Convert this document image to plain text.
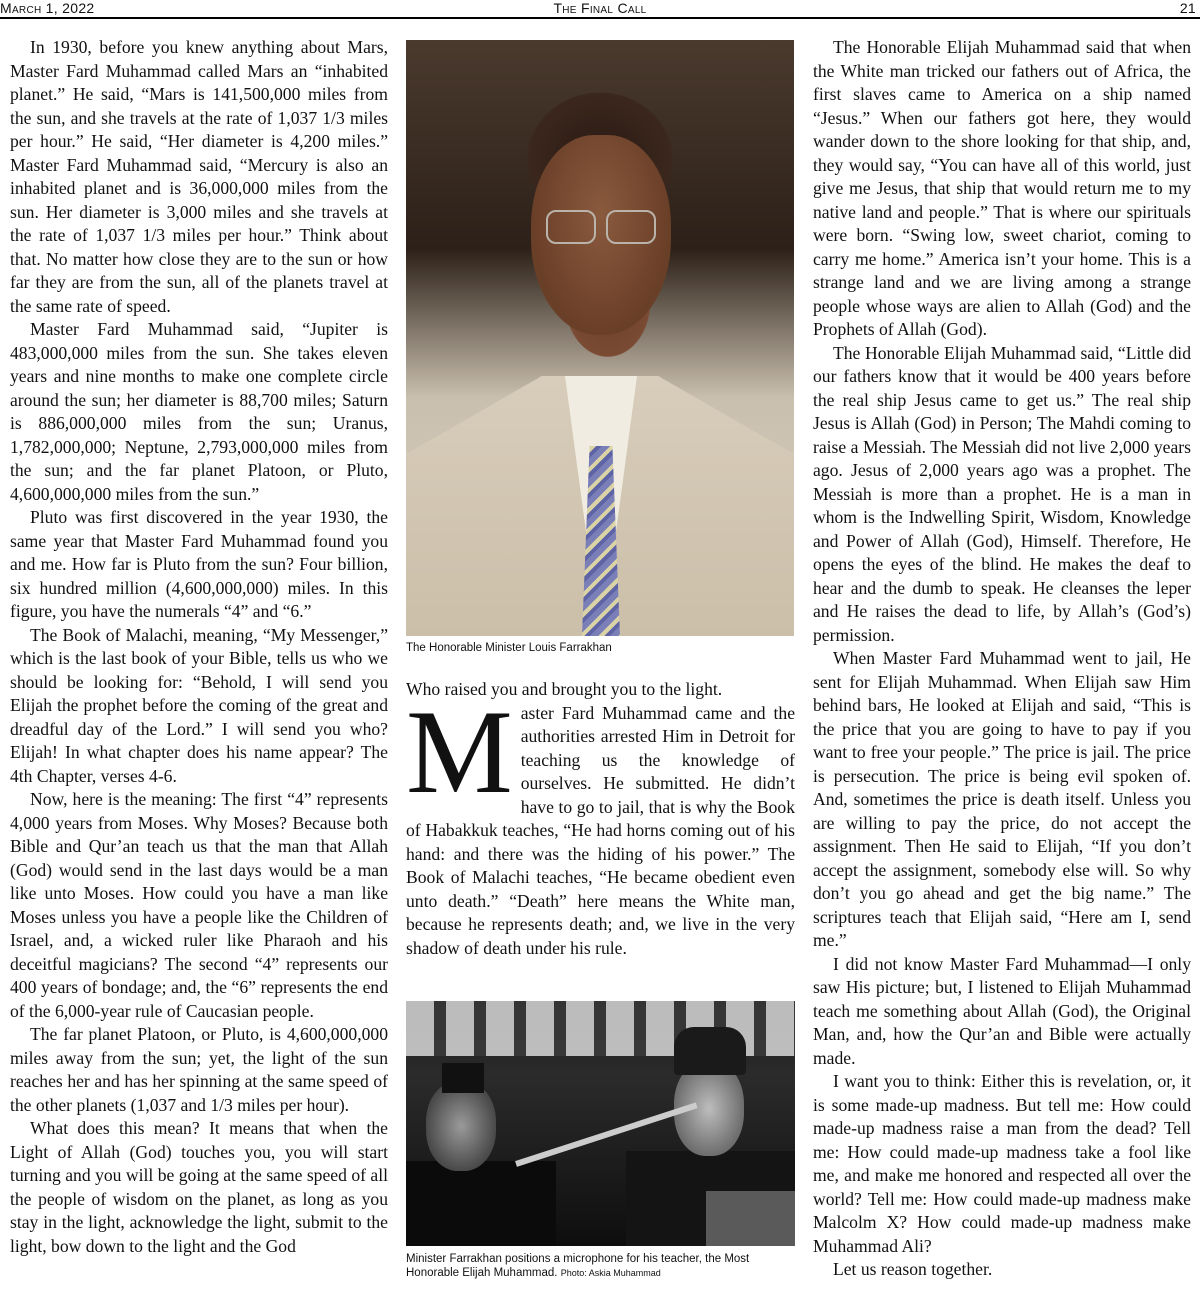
March 1, 2022	The Final Call	21

In 1930, before you knew anything about Mars, Master Fard Muhammad called Mars an “inhabited planet.” He said, “Mars is 141,500,000 miles from the sun, and she travels at the rate of 1,037 1/3 miles per hour.” He said, “Her diameter is 4,200 miles.” Master Fard Muhammad said, “Mercury is also an inhabited planet and is 36,000,000 miles from the sun. Her diameter is 3,000 miles and she travels at the rate of 1,037 1/3 miles per hour.” Think about that. No matter how close they are to the sun or how far they are from the sun, all of the planets travel at the same rate of speed.

Master Fard Muhammad said, “Jupiter is 483,000,000 miles from the sun. She takes eleven years and nine months to make one complete circle around the sun; her diameter is 88,700 miles; Saturn is 886,000,000 miles from the sun; Uranus, 1,782,000,000; Neptune, 2,793,000,000 miles from the sun; and the far planet Platoon, or Pluto, 4,600,000,000 miles from the sun.”

Pluto was first discovered in the year 1930, the same year that Master Fard Muhammad found you and me. How far is Pluto from the sun? Four billion, six hundred million (4,600,000,000) miles. In this figure, you have the numerals “4” and “6.”

The Book of Malachi, meaning, “My Messenger,” which is the last book of your Bible, tells us who we should be looking for: “Behold, I will send you Elijah the prophet before the coming of the great and dreadful day of the Lord.” I will send you who? Elijah! In what chapter does his name appear? The 4th Chapter, verses 4-6.

Now, here is the meaning: The first “4” represents 4,000 years from Moses. Why Moses? Because both Bible and Qur’an teach us that the man that Allah (God) would send in the last days would be a man like unto Moses. How could you have a man like Moses unless you have a people like the Children of Israel, and, a wicked ruler like Pharaoh and his deceitful magicians? The second “4” represents our 400 years of bondage; and, the “6” represents the end of the 6,000-year rule of Caucasian people.

The far planet Platoon, or Pluto, is 4,600,000,000 miles away from the sun; yet, the light of the sun reaches her and has her spinning at the same speed of the other planets (1,037 and 1/3 miles per hour).

What does this mean? It means that when the Light of Allah (God) touches you, you will start turning and you will be going at the same speed of all the people of wisdom on the planet, as long as you stay in the light, acknowledge the light, submit to the light, bow down to the light and the God

The Honorable Minister Louis Farrakhan

Who raised you and brought you to the light.

Master Fard Muhammad came and the authorities arrested Him in Detroit for teaching us the knowledge of ourselves. He submitted. He didn’t have to go to jail, that is why the Book of Habakkuk teaches, “He had horns coming out of his hand: and there was the hiding of his power.” The Book of Malachi teaches, “He became obedient even unto death.” “Death” here means the White man, because he represents death; and, we live in the very shadow of death under his rule.

Minister Farrakhan positions a microphone for his teacher, the Most Honorable Elijah Muhammad. Photo: Askia Muhammad

The Honorable Elijah Muhammad said that when the White man tricked our fathers out of Africa, the first slaves came to America on a ship named “Jesus.” When our fathers got here, they would wander down to the shore looking for that ship, and, they would say, “You can have all of this world, just give me Jesus, that ship that would return me to my native land and people.” That is where our spirituals were born. “Swing low, sweet chariot, coming to carry me home.” America isn’t your home. This is a strange land and we are living among a strange people whose ways are alien to Allah (God) and the Prophets of Allah (God).

The Honorable Elijah Muhammad said, “Little did our fathers know that it would be 400 years before the real ship Jesus came to get us.” The real ship Jesus is Allah (God) in Person; The Mahdi coming to raise a Messiah. The Messiah did not live 2,000 years ago. Jesus of 2,000 years ago was a prophet. The Messiah is more than a prophet. He is a man in whom is the Indwelling Spirit, Wisdom, Knowledge and Power of Allah (God), Himself. Therefore, He opens the eyes of the blind. He makes the deaf to hear and the dumb to speak. He cleanses the leper and He raises the dead to life, by Allah’s (God’s) permission.

When Master Fard Muhammad went to jail, He sent for Elijah Muhammad. When Elijah saw Him behind bars, He looked at Elijah and said, “This is the price that you are going to have to pay if you want to free your people.” The price is jail. The price is persecution. The price is being evil spoken of. And, sometimes the price is death itself. Unless you are willing to pay the price, do not accept the assignment. Then He said to Elijah, “If you don’t accept the assignment, somebody else will. So why don’t you go ahead and get the big name.” The scriptures teach that Elijah said, “Here am I, send me.”

I did not know Master Fard Muhammad—I only saw His picture; but, I listened to Elijah Muhammad teach me something about Allah (God), the Original Man, and, how the Qur’an and Bible were actually made.

I want you to think: Either this is revelation, or, it is some made-up madness. But tell me: How could made-up madness raise a man from the dead? Tell me: How could made-up madness take a fool like me, and make me honored and respected all over the world? Tell me: How could made-up madness make Malcolm X? How could made-up madness make Muhammad Ali?

Let us reason together.
